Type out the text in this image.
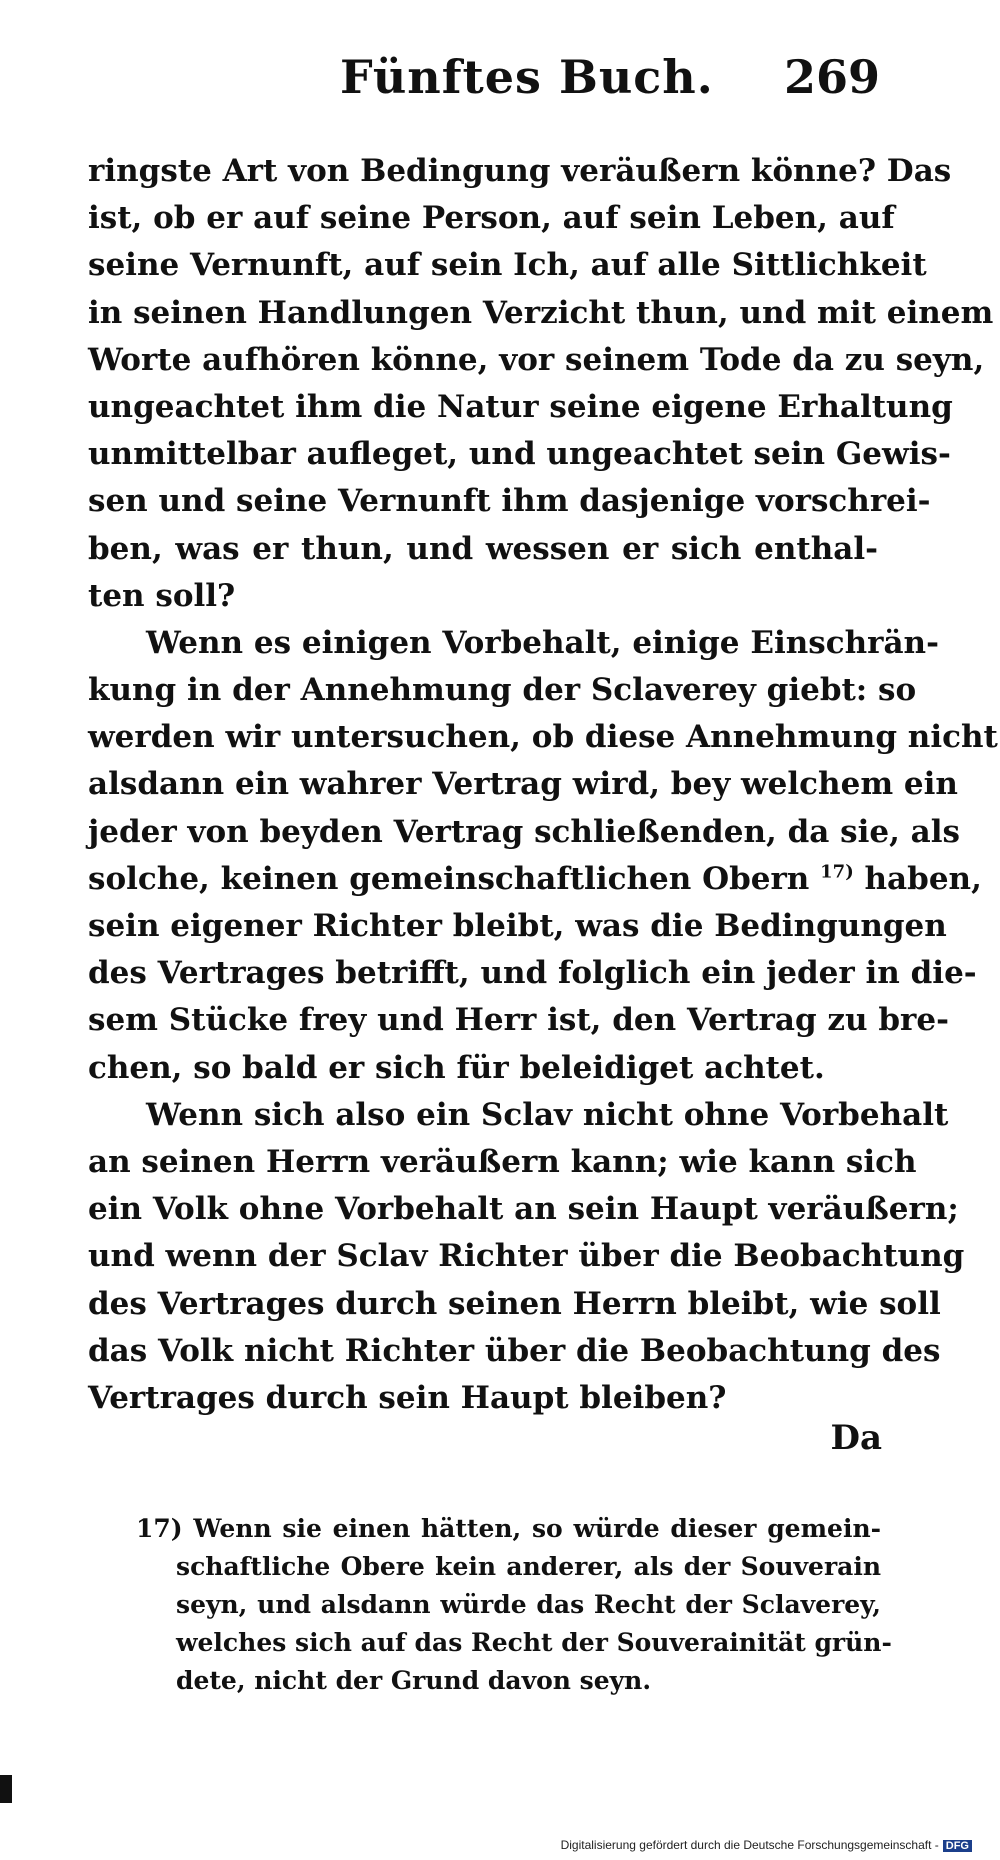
Fünftes Buch. 269
ringste Art von Bedingung veräußern könne? Das
ist, ob er auf seine Person, auf sein Leben, auf
seine Vernunft, auf sein Ich, auf alle Sittlichkeit
in seinen Handlungen Verzicht thun, und mit einem
Worte aufhören könne, vor seinem Tode da zu seyn,
ungeachtet ihm die Natur seine eigene Erhaltung
unmittelbar aufleget, und ungeachtet sein Gewis-
sen und seine Vernunft ihm dasjenige vorschrei-
ben, was er thun, und wessen er sich enthal-
ten soll?
Wenn es einigen Vorbehalt, einige Einschrän-
kung in der Annehmung der Sclaverey giebt: so
werden wir untersuchen, ob diese Annehmung nicht
alsdann ein wahrer Vertrag wird, bey welchem ein
jeder von beyden Vertrag schließenden, da sie, als
solche, keinen gemeinschaftlichen Obern $^{17)}$ haben,
sein eigener Richter bleibt, was die Bedingungen
des Vertrages betrifft, und folglich ein jeder in die-
sem Stücke frey und Herr ist, den Vertrag zu bre-
chen, so bald er sich für beleidiget achtet.
Wenn sich also ein Sclav nicht ohne Vorbehalt
an seinen Herrn veräußern kann; wie kann sich
ein Volk ohne Vorbehalt an sein Haupt veräußern;
und wenn der Sclav Richter über die Beobachtung
des Vertrages durch seinen Herrn bleibt, wie soll
das Volk nicht Richter über die Beobachtung des
Vertrages durch sein Haupt bleiben?
Da
17) Wenn sie einen hätten, so würde dieser gemein-
schaftliche Obere kein anderer, als der Souverain
seyn, und alsdann würde das Recht der Sclaverey,
welches sich auf das Recht der Souverainität grün-
dete, nicht der Grund davon seyn.
Digitalisierung gefördert durch die Deutsche Forschungsgemeinschaft - DFG
